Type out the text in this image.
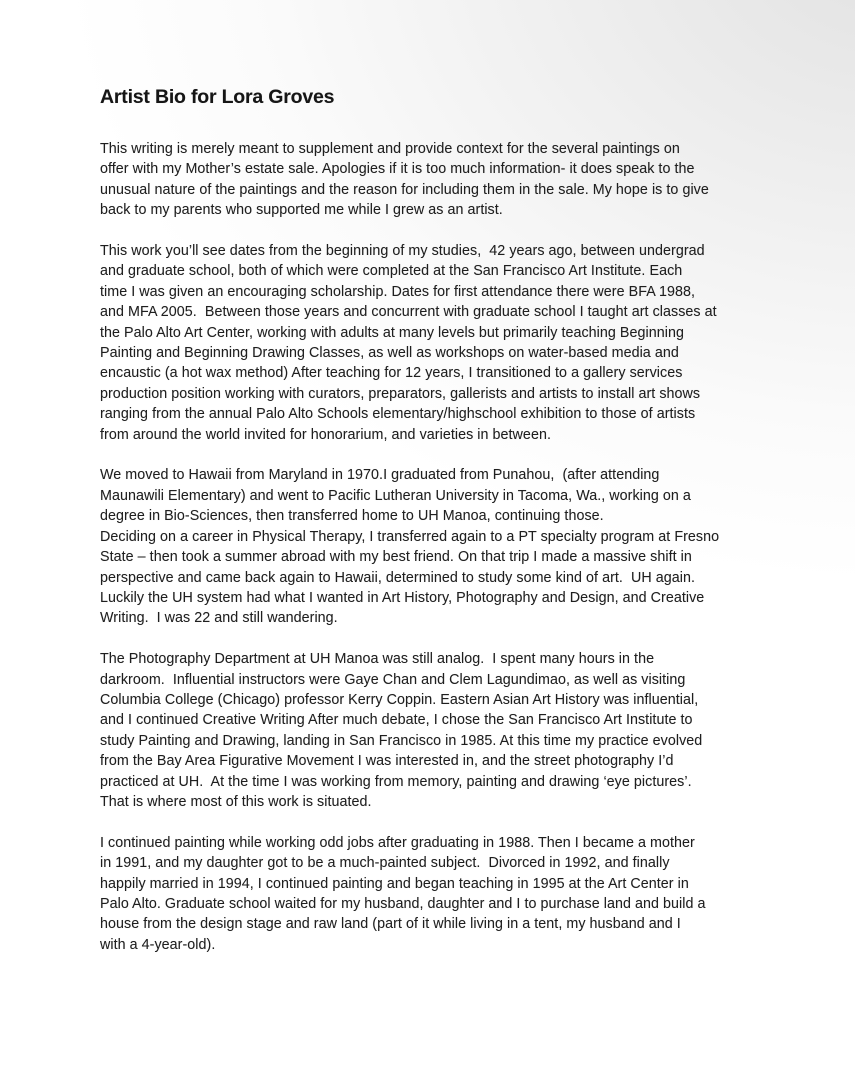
Artist Bio for Lora Groves
This writing is merely meant to supplement and provide context for the several paintings on
offer with my Mother’s estate sale. Apologies if it is too much information- it does speak to the
unusual nature of the paintings and the reason for including them in the sale. My hope is to give
back to my parents who supported me while I grew as an artist.
This work you’ll see dates from the beginning of my studies,  42 years ago, between undergrad
and graduate school, both of which were completed at the San Francisco Art Institute. Each
time I was given an encouraging scholarship. Dates for first attendance there were BFA 1988,
and MFA 2005.  Between those years and concurrent with graduate school I taught art classes at
the Palo Alto Art Center, working with adults at many levels but primarily teaching Beginning
Painting and Beginning Drawing Classes, as well as workshops on water-based media and
encaustic (a hot wax method) After teaching for 12 years, I transitioned to a gallery services
production position working with curators, preparators, gallerists and artists to install art shows
ranging from the annual Palo Alto Schools elementary/highschool exhibition to those of artists
from around the world invited for honorarium, and varieties in between.
We moved to Hawaii from Maryland in 1970.I graduated from Punahou,  (after attending
Maunawili Elementary) and went to Pacific Lutheran University in Tacoma, Wa., working on a
degree in Bio-Sciences, then transferred home to UH Manoa, continuing those.
Deciding on a career in Physical Therapy, I transferred again to a PT specialty program at Fresno
State – then took a summer abroad with my best friend. On that trip I made a massive shift in
perspective and came back again to Hawaii, determined to study some kind of art.  UH again.
Luckily the UH system had what I wanted in Art History, Photography and Design, and Creative
Writing.  I was 22 and still wandering.
The Photography Department at UH Manoa was still analog.  I spent many hours in the
darkroom.  Influential instructors were Gaye Chan and Clem Lagundimao, as well as visiting
Columbia College (Chicago) professor Kerry Coppin. Eastern Asian Art History was influential,
and I continued Creative Writing After much debate, I chose the San Francisco Art Institute to
study Painting and Drawing, landing in San Francisco in 1985. At this time my practice evolved
from the Bay Area Figurative Movement I was interested in, and the street photography I’d
practiced at UH.  At the time I was working from memory, painting and drawing ‘eye pictures’.
That is where most of this work is situated.
I continued painting while working odd jobs after graduating in 1988. Then I became a mother
in 1991, and my daughter got to be a much-painted subject.  Divorced in 1992, and finally
happily married in 1994, I continued painting and began teaching in 1995 at the Art Center in
Palo Alto. Graduate school waited for my husband, daughter and I to purchase land and build a
house from the design stage and raw land (part of it while living in a tent, my husband and I
with a 4-year-old).
